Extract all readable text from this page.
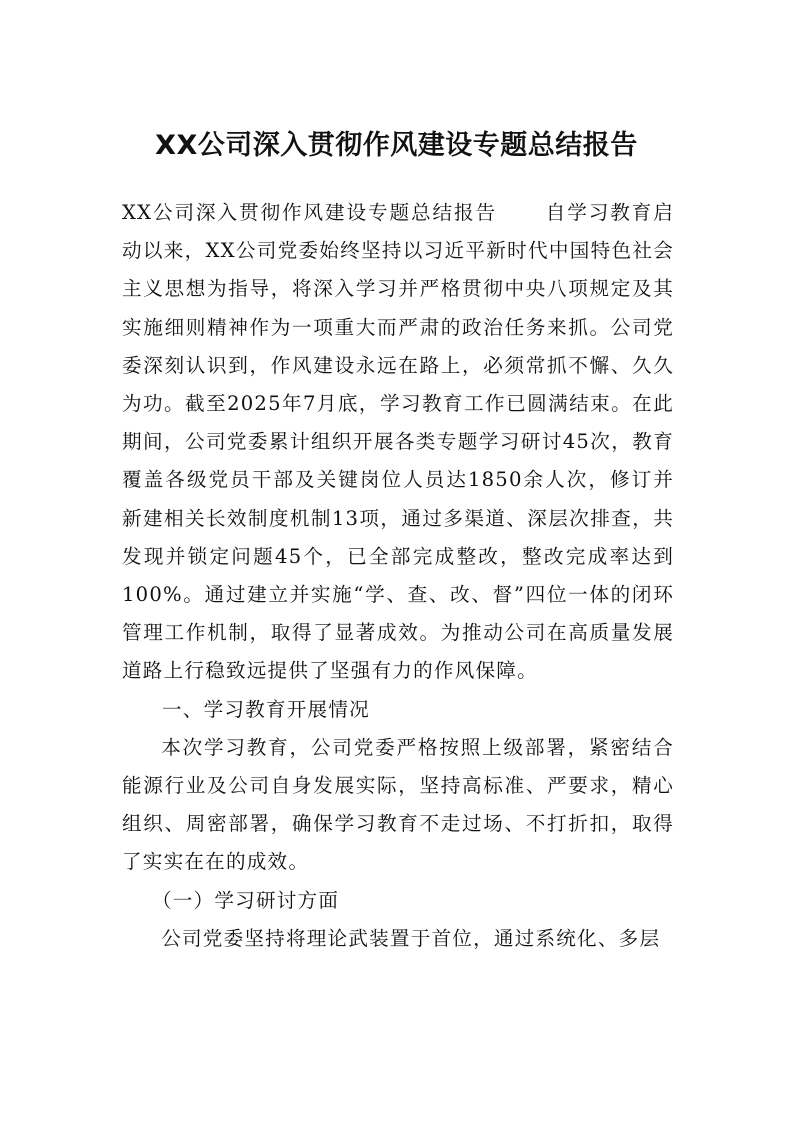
XX公司深入贯彻作风建设专题总结报告

XX公司深入贯彻作风建设专题总结报告 自学习教育启动以来，XX公司党委始终坚持以习近平新时代中国特色社会主义思想为指导，将深入学习并严格贯彻中央八项规定及其实施细则精神作为一项重大而严肃的政治任务来抓。公司党委深刻认识到，作风建设永远在路上，必须常抓不懈、久久为功。截至2025年7月底，学习教育工作已圆满结束。在此期间，公司党委累计组织开展各类专题学习研讨45次，教育覆盖各级党员干部及关键岗位人员达1850余人次，修订并新建相关长效制度机制13项，通过多渠道、深层次排查，共发现并锁定问题45个，已全部完成整改，整改完成率达到100%。通过建立并实施“学、查、改、督”四位一体的闭环管理工作机制，取得了显著成效。为推动公司在高质量发展道路上行稳致远提供了坚强有力的作风保障。

一、学习教育开展情况

本次学习教育，公司党委严格按照上级部署，紧密结合能源行业及公司自身发展实际，坚持高标准、严要求，精心组织、周密部署，确保学习教育不走过场、不打折扣，取得了实实在在的成效。

（一）学习研讨方面

公司党委坚持将理论武装置于首位，通过系统化、多层
